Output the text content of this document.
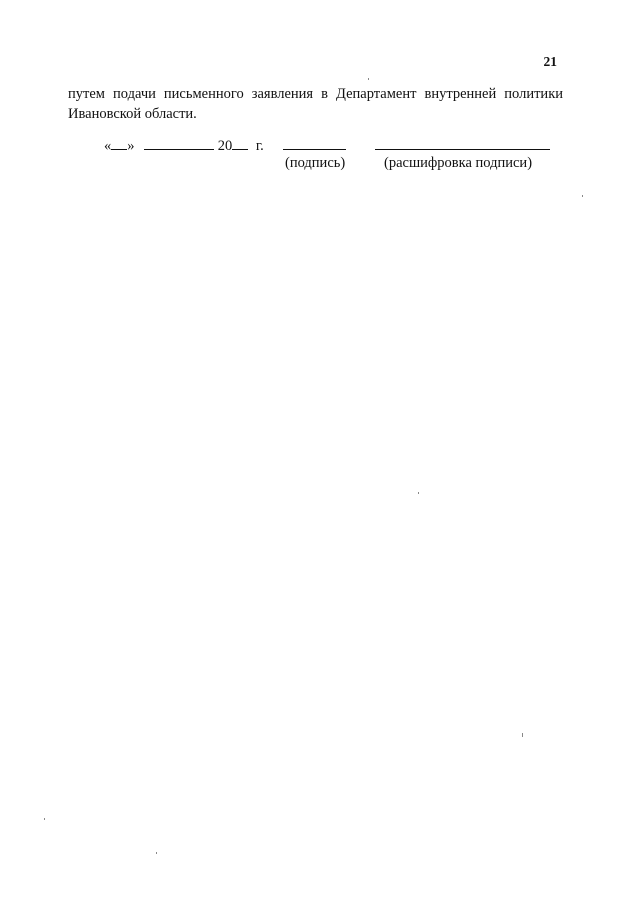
21
путем подачи письменного заявления в Департамент внутренней политики
Ивановской области.
« »	20 г.
(подпись)	(расшифровка подписи)
